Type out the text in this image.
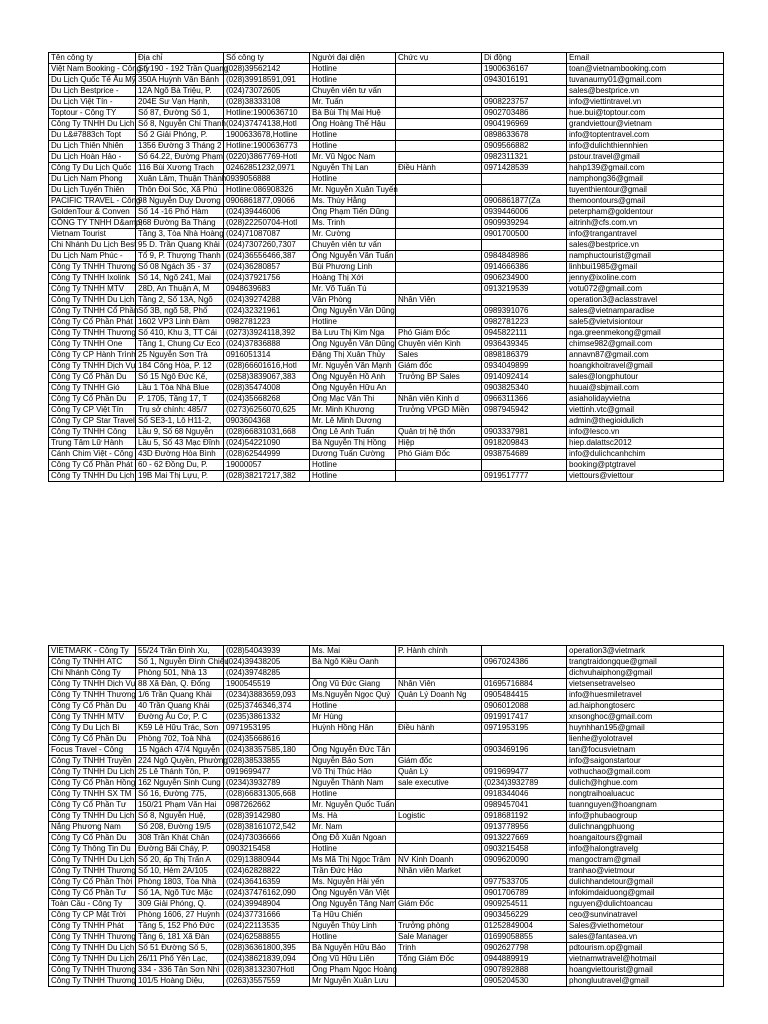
Tên công ty	Địa chỉ	Số công ty	Người đại diện	Chức vụ	Di động	Email
Việt Nam Booking - Công ty	Số 190 - 192 Trần Quang	(028)39562142	Hotline		1900636167	toan@vietnambooking.com
Du Lịch Quốc Tế Âu Mỹ	350A Huỳnh Văn Bánh	(028)39918591,091	Hotline		0943016191	tuvanaumy01@gmail.com
Du Lịch Bestprice -	12A Ngõ Bà Triệu, P.	(024)73072605	Chuyên viên tư vấn			sales@bestprice.vn
Du Lịch Việt Tín -	204E Sư Vạn Hạnh,	(028)38333108	Mr. Tuấn		0908223757	info@viettintravel.vn
Toptour - Công TY	Số 87, Đường Số 1,	Hotline:1900636710	Bà Bùi Thị Mai Huệ		0902703486	hue.bui@toptour.com
Công Ty TNHH Du Lịch	Số 8, Nguyễn Chí Thanh	(024)37474138,Hotl	Ông Hoàng Thế Hậu		0904196969	grandviettour@vietnam
Du L&#7883ch Topt	Số 2 Giải Phóng, P.	1900633678,Hotline	Hotline		0898633678	info@toptentravel.com
Du Lịch Thiên Nhiên	1356 Đường 3 Tháng 2	Hotline:1900636773	Hotline		0909566882	info@dulichthiennhien
Du Lịch Hoàn Hảo -	Số 64.22, Đường Phạm	(0220)3867769-Hotl	Mr. Vũ Ngọc Nam		0982311321	pstour.travel@gmail
Công Ty Du Lịch Quốc	116 Bùi Xương Trạch	02462851232,0971	Nguyễn Thị Lan	Điều Hành	0971428539	hahp139@gmail.com
Du Lịch Nam Phong	Xuân Lâm, Thuận Thành	0939056888	Hotline			namphong36@gmail
Du Lịch Tuyến Thiên	Thôn Đoi Sóc, Xã Phú	Hotline:086908326	Mr. Nguyễn Xuân Tuyến			tuyenthientour@gmail
PACIFIC TRAVEL - Công	98 Nguyễn Duy Dương	0906861877,09066	Ms. Thùy Hằng		0906861877(Za	themoontours@gmail
GoldenTour & Conven	Số 14 -16 Phố Hàm	(024)39446006	Ông Phạm Tiến Dũng		0939446006	peterpham@goldentour
CÔNG TY TNHH D&amp;	968 Đường Ba Tháng	(028)22250704-Hotl	Ms. Trinh		0909939294	aitrinh@cfs.com.vn
Vietnam Tourist	Tầng 3, Tòa Nhà Hoàng	(024)71087087	Mr. Cường		0901700500	info@trangantravel
Chi Nhánh Du Lịch Best	95 D. Trần Quang Khải	(024)7307260,7307	Chuyên viên tư vấn			sales@bestprice.vn
Du Lịch Nam Phúc -	Tổ 9, P. Thượng Thanh	(024)36556466,387	Ông Nguyễn Văn Tuấn		0984848986	namphuctourist@gmail
Công Ty TNHH Thương	Số 08 Ngách 35 - 37	(024)36280857	Bùi Phương Linh		0914666386	linhbui1985@gmail
Công Ty TNHH Ixolink	Số 14, Ngõ 241, Mai	(024)37921756	Hoàng Thị Xới		0906234900	jenny@ixoline.com
Công Ty TNHH MTV	28D, An Thuận A, M	0948639683	Mr. Võ Tuấn Tú		0913219539	votu072@gmail.com
Công Ty TNHH Du Lịch	Tầng 2, Số 13A, Ngõ	(024)39274288	Vân Phòng	Nhân Viên		operation3@aclasstravel
Công Ty TNHH Cổ Phần	Số 3B, ngõ 58, Phố	(024)32321961	Ông Nguyễn Văn Dũng		0989391076	sales@vietnamparadise
Công Ty Cổ Phần Phát	1602 VP3 Linh Đàm	0982781223	Hotline		0982781223	sale5@vietvisiontour
Công Ty TNHH Thương	Số 410, Khu 3, TT Cái	(0273)3924118,392	Bà Lưu Thị Kim Nga	Phó Giám Đốc	0945822111	nga.greenmekong@gmail
Công Ty TNHH One	Tầng 1, Chung Cư Eco	(024)37836888	Ông Nguyễn Văn Dũng	Chuyên viên Kinh	0936439345	chimse982@gmail.com
Công Ty CP Hành Trình	25 Nguyễn Sơn Trà	0916051314	Đặng Thị Xuân Thủy	Sales	0898186379	annavn87@gmail.com
Công Ty TNHH Dịch Vụ	184 Công Hòa, P. 12	(028)66601616,Hotl	Mr. Nguyễn Văn Mạnh	Giám đốc	0934049899	hoangkhoitravel@gmail
Công Ty Cổ Phần Du	Số 15 Ngô Đức Kế,	(0258)3839067,383	Ông Nguyễn Hồ Anh	Trưởng BP Sales	0914092414	sales@longphutour
Công Ty TNHH Gió	Lầu 1 Tòa Nhà Blue	(028)35474008	Ông Nguyễn Hữu An		0903825340	huuai@sbjmail.com
Công Ty Cổ Phần Du	P. 1705, Tầng 17, T	(024)35668268	Ông Mạc Văn Thi	Nhân viên Kinh d	0966311366	asiaholidayvietna
Công Ty CP Việt Tín	Trụ sở chính: 485/7	(0273)6256070,625	Mr. Minh Khương	Trưởng VPGD Miền	0987945942	viettinh.vtc@gmail
Công Ty CP Star Travel	Số SE3-1, Lô H11-2,	0903604368	Mr. Lê Minh Dương			admin@thegioidulich
Công Ty TNHH Công	Lầu 9, Số 68 Nguyễn	(028)66831031,668	Ông Lê Anh Tuấn	Quản trị hệ thốn	0903337981	info@lesco.vn
Trung Tâm Lữ Hành	Lầu 5, Số 43 Mạc Đĩnh	(024)54221090	Bà Nguyễn Thị Hồng	Hiệp	0918209843	hiep.dalattsc2012
Cánh Chim Việt - Công	43D Đường Hòa Bình	(028)62544999	Dương Tuấn Cường	Phó Giám Đốc	0938754689	info@dulichcanhchim
Công Ty Cổ Phần Phát	60 - 62 Đồng Du, P.	19000057	Hotline			booking@ptgtravel
Công Ty TNHH Du Lịch	19B Mai Thị Lựu, P.	(028)38217217,382	Hotline		0919517777	viettours@viettour
VIETMARK - Công Ty	55/24 Trần Đình Xu,	(028)54043939	Ms. Mai	P. Hành chính		operation3@vietmark
Công Ty TNHH ATC	Số 1, Nguyễn Đình Chiểu	(024)39438205	Bà Ngô Kiều Oanh		0967024386	trangtraidongque@gmail
Chi Nhánh Công Ty	Phòng 501, Nhà 13	(024)39748285				dichvuhaiphong@gmail
Công Ty TNHH Dịch Vụ	88 Xã Đàn, Q. Đống	1900545519	Ông Vũ Đức Giang	Nhân Viên	01695716884	vietsensetravelseo
Công Ty TNHH Thương	1/6 Trần Quang Khải	(0234)3883659,093	Ms.Nguyễn Ngọc Quý	Quản Lý Doanh Ng	0905484415	info@huesmiletravel
Công Ty Cổ Phần Du	40 Trần Quang Khải	(025)3746346,374	Hotline		0906012088	ad.haiphongtoserc
Công Ty TNHH MTV	Đường Âu Cơ, P. C	(0235)3861332	Mr Hùng		0919917417	xnsonghoc@gmail.com
Công Ty Du Lịch Bi	K59 Lê Hữu Trác, Sơn	0971953195	Huỳnh Hồng Hân	Điều hành	0971953195	huynhhan195@gmail
Công Ty Cổ Phần Du	Phòng 702, Toà Nhà	(024)35668616				lienhe@yolotravel
Focus Travel - Công	15 Ngách 47/4 Nguyễn	(024)38357585,180	Ông Nguyễn Đức Tân		0903469196	tan@focusvietnam
Công Ty TNHH Truyền	224 Ngô Quyền, Phường	(028)38533855	Nguyễn Bảo Sơn	Giám đốc		info@saigonstartour
Công Ty TNHH Du Lịch	25 Lê Thánh Tôn, P.	0919699477	Võ Thị Thúc Hảo	Quản Lý	0919699477	vothuchao@gmail.com
Công Ty Cổ Phần Hồng	162 Nguyễn Sinh Cung	(0234)3932789	Nguyễn Thành Nam	sale executive	(0234)3932789	dulich@hghue.com
Công Ty TNHH SX TM	Số 16, Đường 775,	(028)66831305,668	Hotline		0918344046	nongtraihoaluacuc
Công Ty Cổ Phần Tư	150/21 Phạm Văn Hai	0987262662	Mr. Nguyễn Quốc Tuấn		0989457041	tuannguyen@hoangnam
Công Ty TNHH Du Lịch	Số 8, Nguyễn Huệ,	(028)39142980	Ms. Hà	Logistic	0918681192	info@phubaogroup
Nắng Phương Nam	Số 208, Đường 19/5	(028)38161072,542	Mr. Nam		0913778956	dulichnangphuong
Công Ty Cổ Phần Du	308 Trần Khát Chân	(024)73036666	Ông Đỗ Xuân Ngoan		0913227669	hoangaitours@gmail
Công Ty Thông Tin Du	Đường Bãi Cháy, P.	0903215458	Hotline		0903215458	info@halongtravelg
Công Ty TNHH Du Lịch	Số 20, ấp Thị Trấn A	(029)13880944	Ms Mã Thị Ngọc Trâm	NV Kinh Doanh	0909620090	mangoctram@gmail
Công Ty TNHH Thương	Số 10, Hẻm 2A/105	(024)62828822	Trần Đức Hảo	Nhân viên Market		tranhao@vietmour
Công Ty Cổ Phần Thời	Phòng 1803, Tòa Nhà	(024)36416359	Ms. Nguyễn Hải yến		0977533705	dulichhandetour@gmail
Công Ty Cổ Phần Tư	Số 1A, Ngõ Tức Mặc	(024)37476162,090	Ông Nguyễn Văn Việt		0901706789	infokimdaiduong@gmail
Toàn Cầu - Công Ty	309 Giải Phóng, Q.	(024)39948904	Ông Nguyễn Tăng Nam	Giám Đốc	0909254511	nguyen@dulichtoancau
Công Ty CP Mặt Trời	Phòng 1606, 27 Huỳnh	(024)37731666	Tạ Hữu Chiến		0903456229	ceo@sunvinatravel
Công Ty TNHH Phát	Tầng 5, 152 Phó Đức	(024)22113535	Nguyễn Thùy Linh	Trưởng phòng	01252849004	Sales@viethometour
Công Ty TNHH Thương	Tầng 6, 181 Xã Đàn	(024)62588855	Hotline	Sale Manager	01699058855	sales@fantasea.vn
Công Ty TNHH Du Lịch	Số 51 Đường Số 5,	(028)36361800,395	Bà Nguyễn Hữu Bảo	Trinh	0902627798	pdtourism.op@gmail
Công Ty TNHH Du Lịch	26/11 Phố Yên Lạc,	(024)38621839,094	Ông Vũ Hữu Liên	Tổng Giám Đốc	0944889919	vietnamwtravel@hotmail
Công Ty TNHH Thương	334 - 336 Tân Sơn Nhì	(028)38132307Hotl	Ông Phạm Ngọc Hoàng		0907892888	hoangviettourist@gmail
Công Ty TNHH Thương	101/5 Hoàng Diệu,	(0263)3557559	Mr Nguyễn Xuân Lưu		0905204530	phongluutravel@gmail
